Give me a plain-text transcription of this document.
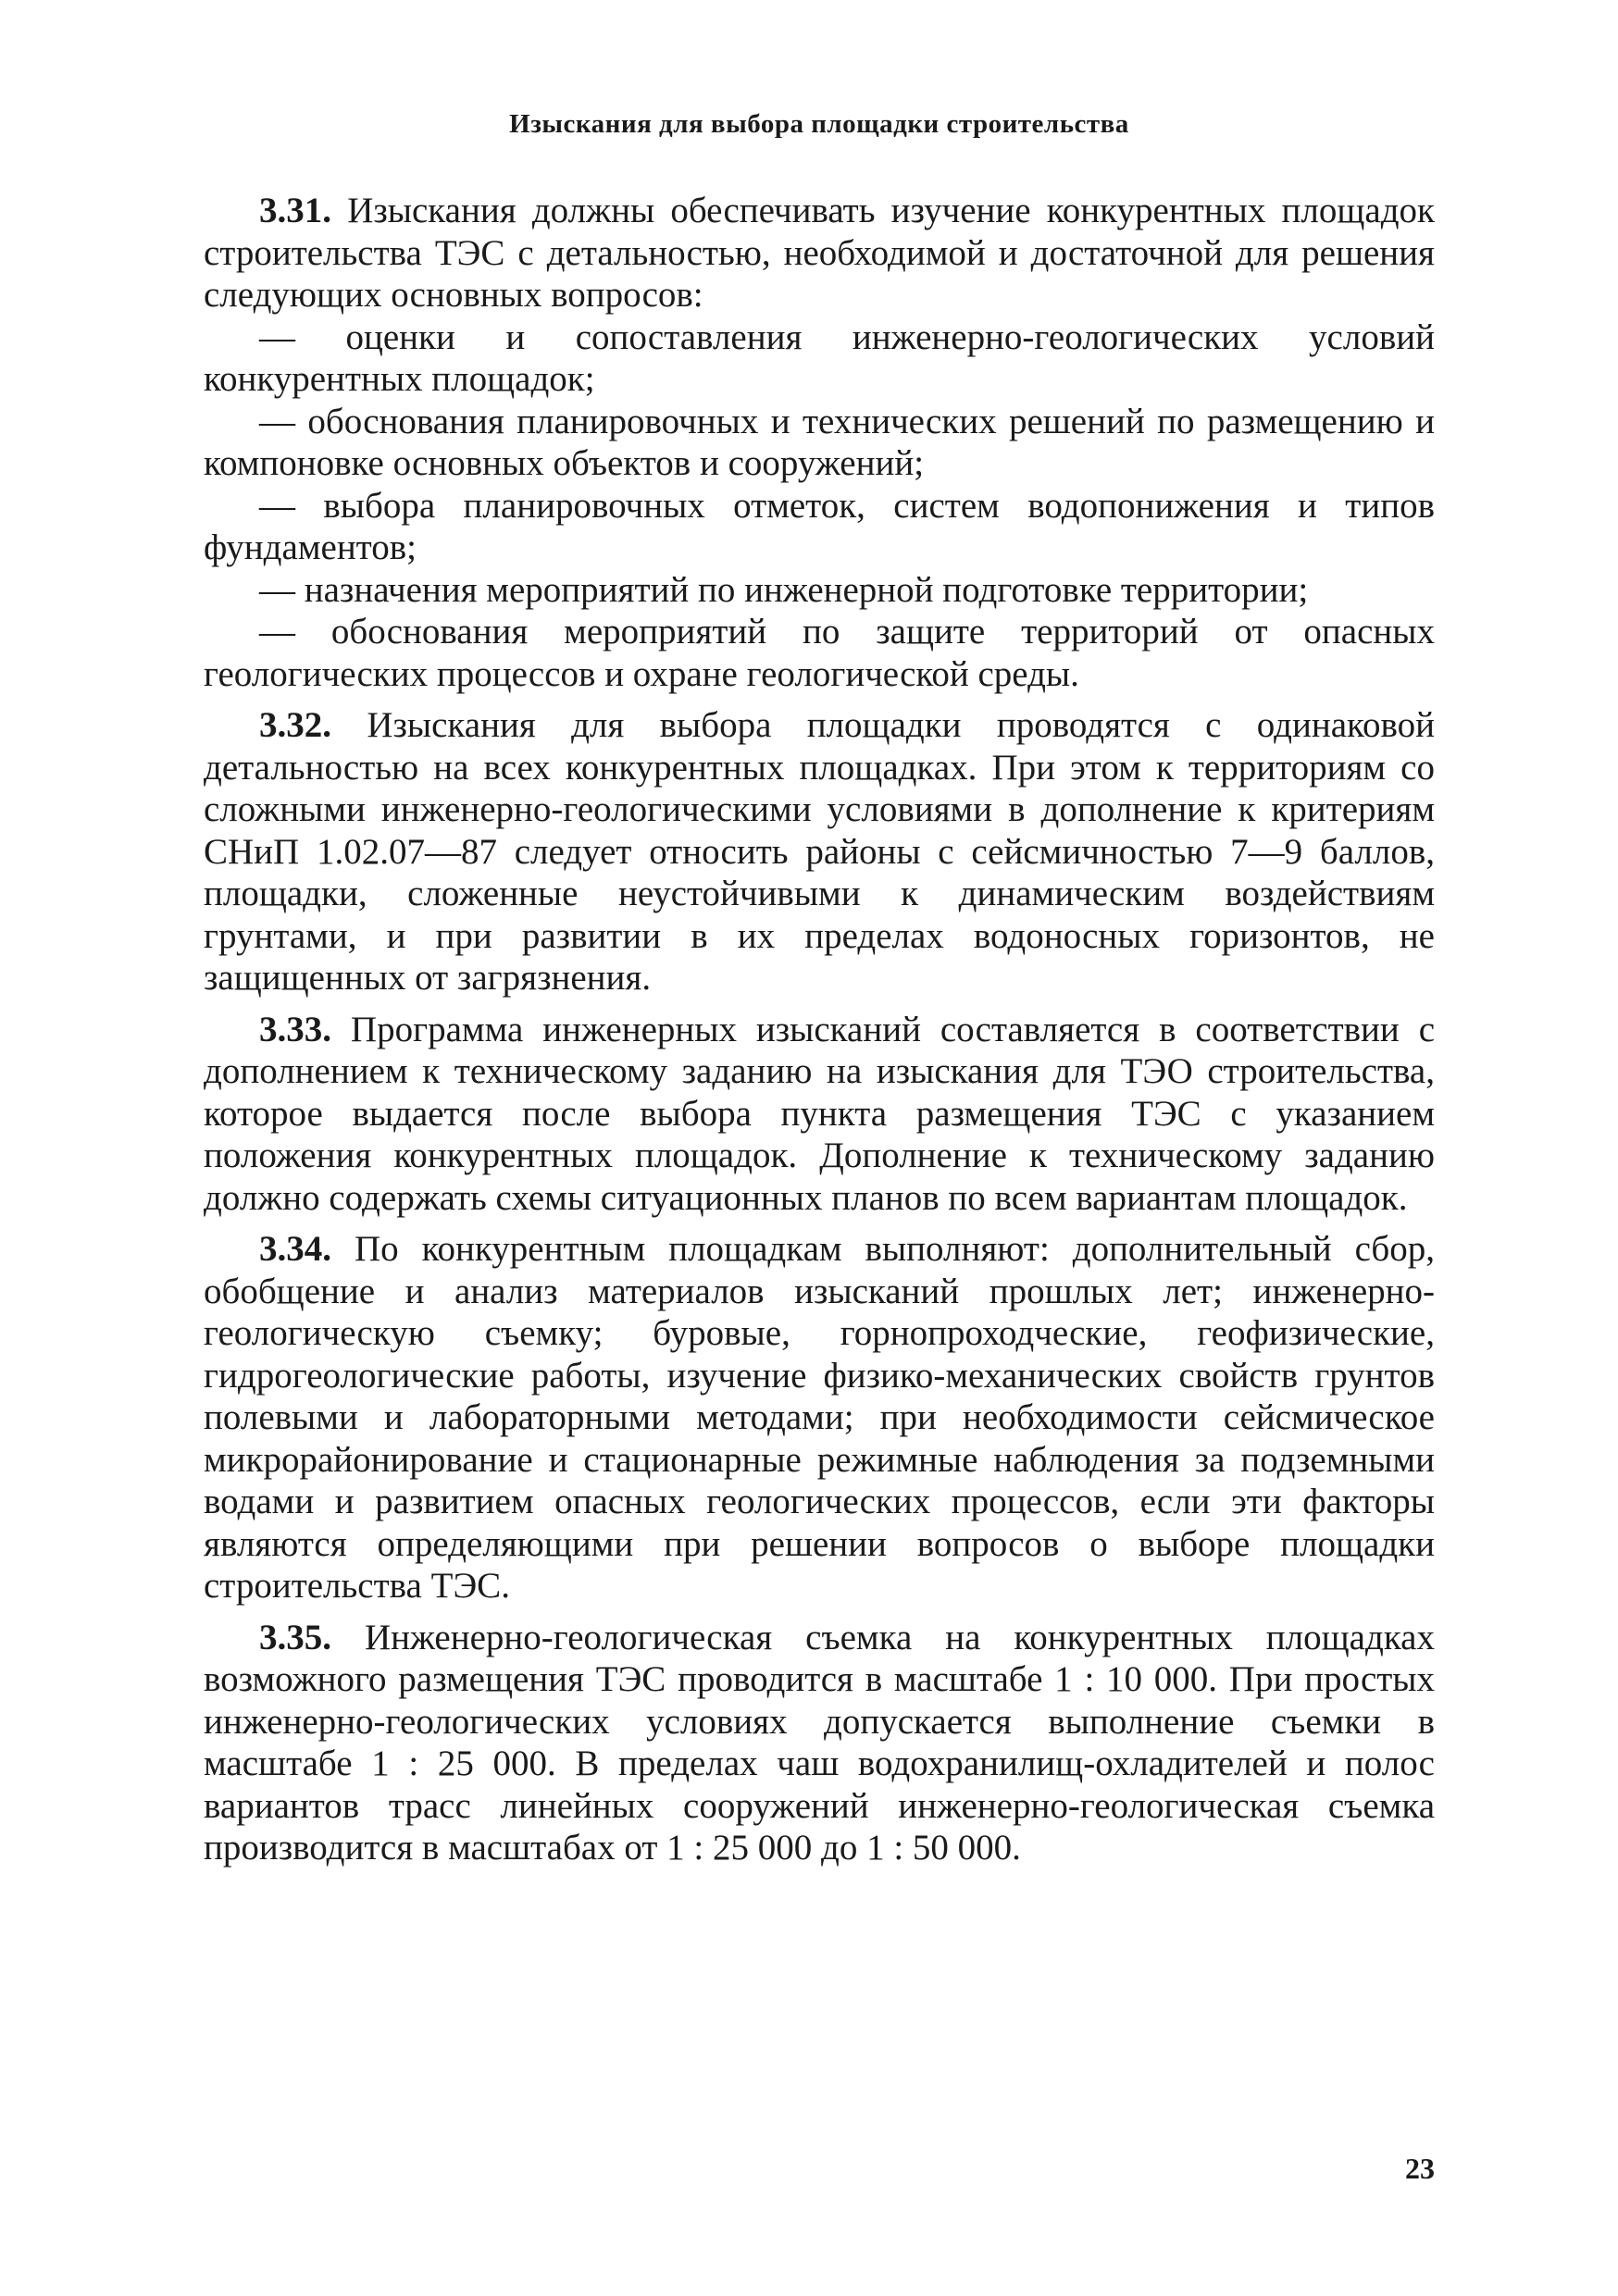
Изыскания для выбора площадки строительства

3.31. Изыскания должны обеспечивать изучение конкурентных площадок строительства ТЭС с детальностью, необходимой и достаточной для решения следующих основных вопросов:

— оценки и сопоставления инженерно-геологических условий конкурентных площадок;

— обоснования планировочных и технических решений по размещению и компоновке основных объектов и сооружений;

— выбора планировочных отметок, систем водопонижения и типов фундаментов;

— назначения мероприятий по инженерной подготовке территории;

— обоснования мероприятий по защите территорий от опасных геологических процессов и охране геологической среды.

3.32. Изыскания для выбора площадки проводятся с одинаковой детальностью на всех конкурентных площадках. При этом к территориям со сложными инженерно-геологическими условиями в дополнение к критериям СНиП 1.02.07—87 следует относить районы с сейсмичностью 7—9 баллов, площадки, сложенные неустойчивыми к динамическим воздействиям грунтами, и при развитии в их пределах водоносных горизонтов, не защищенных от загрязнения.

3.33. Программа инженерных изысканий составляется в соответствии с дополнением к техническому заданию на изыскания для ТЭО строительства, которое выдается после выбора пункта размещения ТЭС с указанием положения конкурентных площадок. Дополнение к техническому заданию должно содержать схемы ситуационных планов по всем вариантам площадок.

3.34. По конкурентным площадкам выполняют: дополнительный сбор, обобщение и анализ материалов изысканий прошлых лет; инженерно-геологическую съемку; буровые, горнопроходческие, геофизические, гидрогеологические работы, изучение физико-механических свойств грунтов полевыми и лабораторными методами; при необходимости сейсмическое микрорайонирование и стационарные режимные наблюдения за подземными водами и развитием опасных геологических процессов, если эти факторы являются определяющими при решении вопросов о выборе площадки строительства ТЭС.

3.35. Инженерно-геологическая съемка на конкурентных площадках возможного размещения ТЭС проводится в масштабе 1 : 10 000. При простых инженерно-геологических условиях допускается выполнение съемки в масштабе 1 : 25 000. В пределах чаш водохранилищ-охладителей и полос вариантов трасс линейных сооружений инженерно-геологическая съемка производится в масштабах от 1 : 25 000 до 1 : 50 000.

23
